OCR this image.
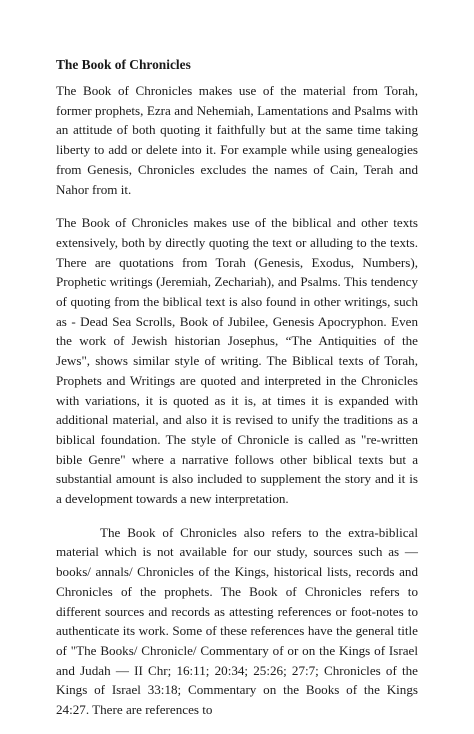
The Book of Chronicles

The Book of Chronicles makes use of the material from Torah, former prophets, Ezra and Nehemiah, Lamentations and Psalms with an attitude of both quoting it faithfully but at the same time taking liberty to add or delete into it. For example while using genealogies from Genesis, Chronicles excludes the names of Cain, Terah and Nahor from it.

The Book of Chronicles makes use of the biblical and other texts extensively, both by directly quoting the text or alluding to the texts. There are quotations from Torah (Genesis, Exodus, Numbers), Prophetic writings (Jeremiah, Zechariah), and Psalms. This tendency of quoting from the biblical text is also found in other writings, such as - Dead Sea Scrolls, Book of Jubilee, Genesis Apocryphon. Even the work of Jewish historian Josephus, “The Antiquities of the Jews", shows similar style of writing. The Biblical texts of Torah, Prophets and Writings are quoted and interpreted in the Chronicles with variations, it is quoted as it is, at times it is expanded with additional material, and also it is revised to unify the traditions as a biblical foundation. The style of Chronicle is called as "re-written bible Genre" where a narrative follows other biblical texts but a substantial amount is also included to supplement the story and it is a development towards a new interpretation.

The Book of Chronicles also refers to the extra-biblical material which is not available for our study, sources such as —books/ annals/ Chronicles of the Kings, historical lists, records and Chronicles of the prophets. The Book of Chronicles refers to different sources and records as attesting references or foot-notes to authenticate its work. Some of these references have the general title of "The Books/ Chronicle/ Commentary of or on the Kings of Israel and Judah — II Chr; 16:11; 20:34; 25:26; 27:7; Chronicles of the Kings of Israel 33:18; Commentary on the Books of the Kings 24:27. There are references to
